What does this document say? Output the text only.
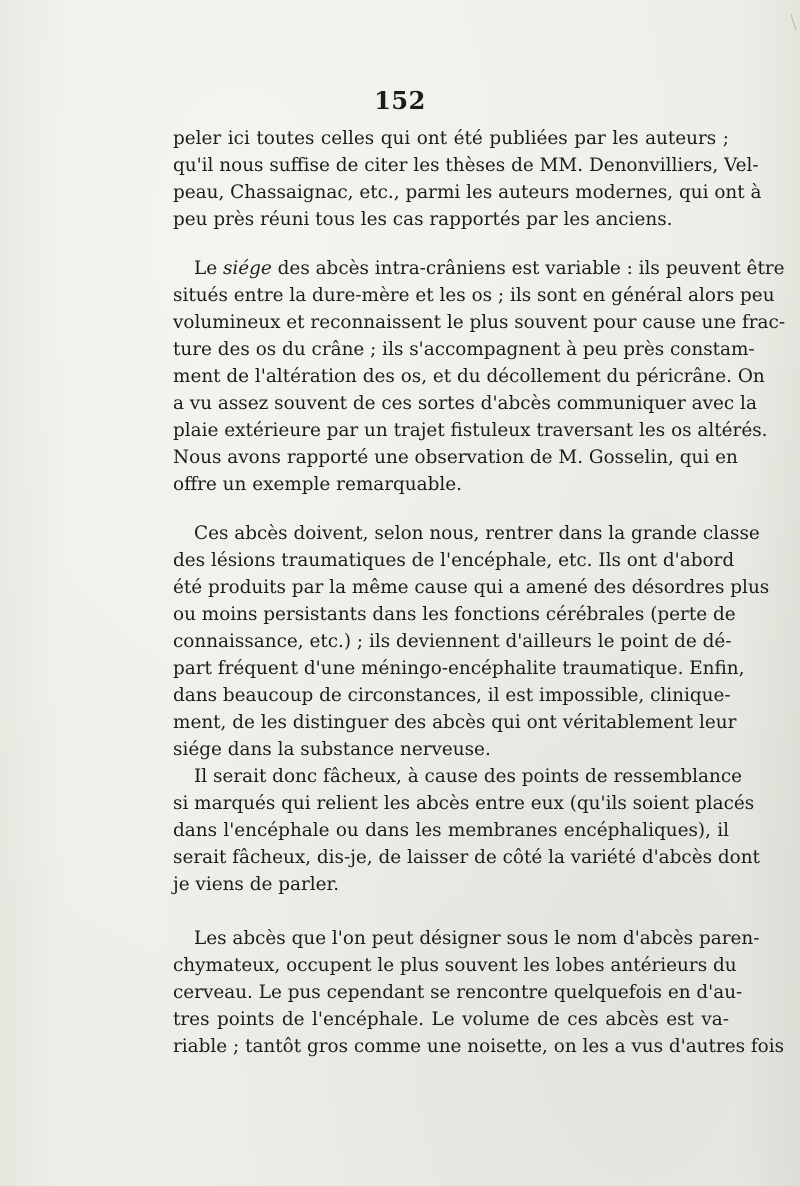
152
peler ici toutes celles qui ont été publiées par les auteurs ;
qu'il nous suffise de citer les thèses de MM. Denonvilliers, Vel-
peau, Chassaignac, etc., parmi les auteurs modernes, qui ont à
peu près réuni tous les cas rapportés par les anciens.
Le siége des abcès intra-crâniens est variable : ils peuvent être
situés entre la dure-mère et les os ; ils sont en général alors peu
volumineux et reconnaissent le plus souvent pour cause une frac-
ture des os du crâne ; ils s'accompagnent à peu près constam-
ment de l'altération des os, et du décollement du péricrâne. On
a vu assez souvent de ces sortes d'abcès communiquer avec la
plaie extérieure par un trajet fistuleux traversant les os altérés.
Nous avons rapporté une observation de M. Gosselin, qui en
offre un exemple remarquable.
Ces abcès doivent, selon nous, rentrer dans la grande classe
des lésions traumatiques de l'encéphale, etc. Ils ont d'abord
été produits par la même cause qui a amené des désordres plus
ou moins persistants dans les fonctions cérébrales (perte de
connaissance, etc.) ; ils deviennent d'ailleurs le point de dé-
part fréquent d'une méningo-encéphalite traumatique. Enfin,
dans beaucoup de circonstances, il est impossible, clinique-
ment, de les distinguer des abcès qui ont véritablement leur
siége dans la substance nerveuse.
Il serait donc fâcheux, à cause des points de ressemblance
si marqués qui relient les abcès entre eux (qu'ils soient placés
dans l'encéphale ou dans les membranes encéphaliques), il
serait fâcheux, dis-je, de laisser de côté la variété d'abcès dont
je viens de parler.
Les abcès que l'on peut désigner sous le nom d'abcès paren-
chymateux, occupent le plus souvent les lobes antérieurs du
cerveau. Le pus cependant se rencontre quelquefois en d'au-
tres points de l'encéphale. Le volume de ces abcès est va-
riable ; tantôt gros comme une noisette, on les a vus d'autres fois
